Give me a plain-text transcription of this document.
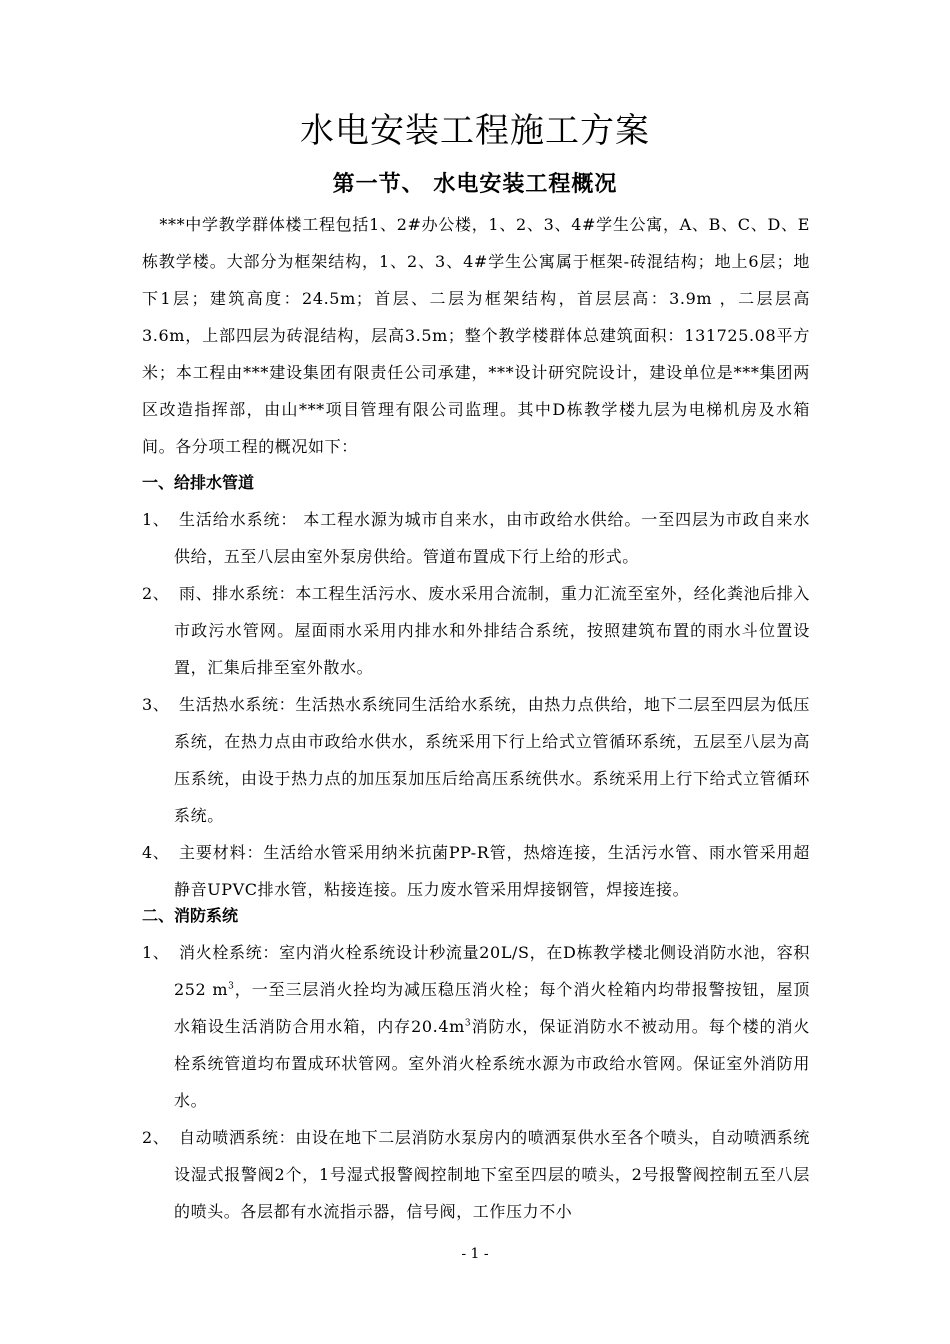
水电安装工程施工方案
第一节、 水电安装工程概况
***中学教学群体楼工程包括1、2#办公楼，1、2、3、4#学生公寓，A、B、C、D、E栋教学楼。大部分为框架结构，1、2、3、4#学生公寓属于框架-砖混结构；地上6层；地下1层；建筑高度：24.5m；首层、二层为框架结构，首层层高：3.9m ，二层层高3.6m，上部四层为砖混结构，层高3.5m；整个教学楼群体总建筑面积：131725.08平方米；本工程由***建设集团有限责任公司承建，***设计研究院设计，建设单位是***集团两区改造指挥部，由山***项目管理有限公司监理。其中D栋教学楼九层为电梯机房及水箱间。各分项工程的概况如下：
一、给排水管道
1、 生活给水系统： 本工程水源为城市自来水，由市政给水供给。一至四层为市政自来水供给，五至八层由室外泵房供给。管道布置成下行上给的形式。
2、 雨、排水系统：本工程生活污水、废水采用合流制，重力汇流至室外，经化粪池后排入市政污水管网。屋面雨水采用内排水和外排结合系统，按照建筑布置的雨水斗位置设置，汇集后排至室外散水。
3、 生活热水系统：生活热水系统同生活给水系统，由热力点供给，地下二层至四层为低压系统，在热力点由市政给水供水，系统采用下行上给式立管循环系统，五层至八层为高压系统，由设于热力点的加压泵加压后给高压系统供水。系统采用上行下给式立管循环系统。
4、 主要材料：生活给水管采用纳米抗菌PP-R管，热熔连接，生活污水管、雨水管采用超静音UPVC排水管，粘接连接。压力废水管采用焊接钢管，焊接连接。
二、消防系统
1、 消火栓系统：室内消火栓系统设计秒流量20L/S，在D栋教学楼北侧设消防水池，容积252 $m^3$，一至三层消火拴均为减压稳压消火栓；每个消火栓箱内均带报警按钮，屋顶水箱设生活消防合用水箱，内存$20.4m^3$消防水，保证消防水不被动用。每个楼的消火栓系统管道均布置成环状管网。室外消火栓系统水源为市政给水管网。保证室外消防用水。
2、 自动喷洒系统：由设在地下二层消防水泵房内的喷洒泵供水至各个喷头，自动喷洒系统设湿式报警阀2个，1号湿式报警阀控制地下室至四层的喷头，2号报警阀控制五至八层的喷头。各层都有水流指示器，信号阀，工作压力不小
- 1 -
